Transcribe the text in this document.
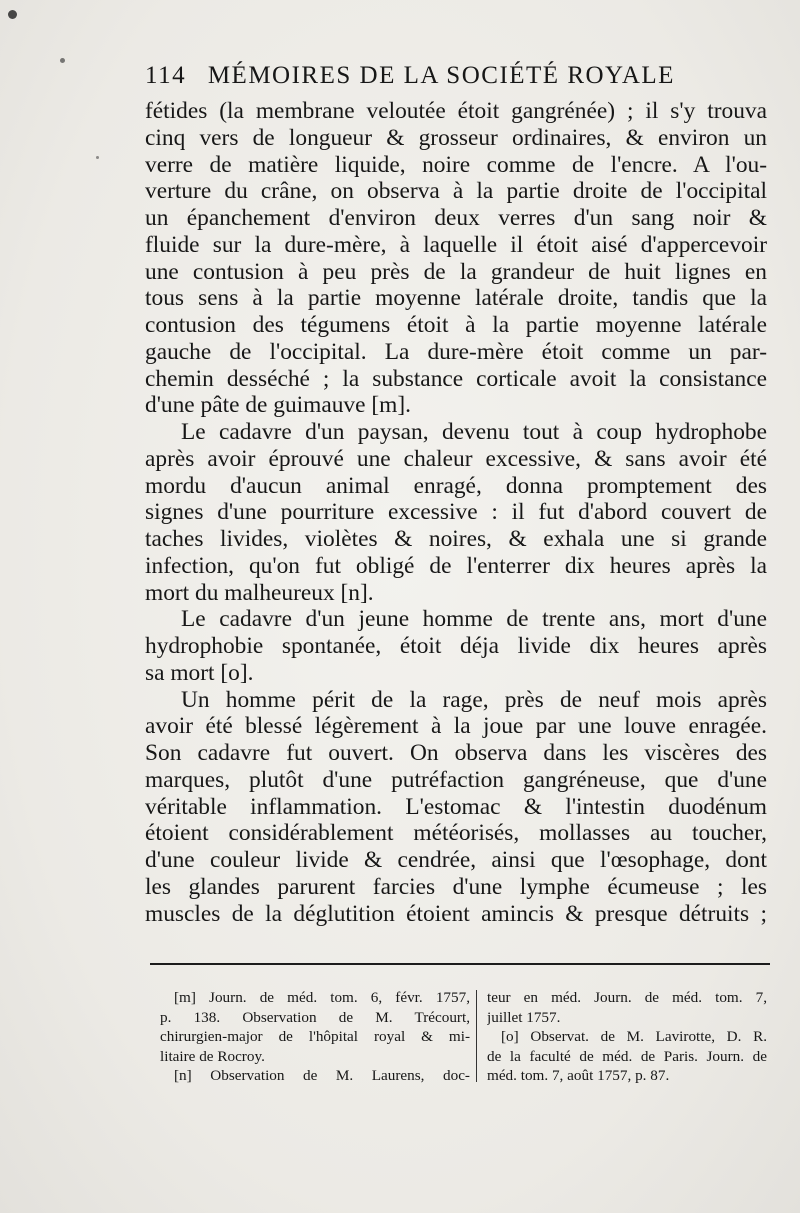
114 MÉMOIRES DE LA SOCIÉTÉ ROYALE
fétides (la membrane veloutée étoit gangrénée) ; il s'y trouva
cinq vers de longueur & grosseur ordinaires, & environ un
verre de matière liquide, noire comme de l'encre. A l'ou-
verture du crâne, on observa à la partie droite de l'occipital
un épanchement d'environ deux verres d'un sang noir &
fluide sur la dure-mère, à laquelle il étoit aisé d'appercevoir
une contusion à peu près de la grandeur de huit lignes en
tous sens à la partie moyenne latérale droite, tandis que la
contusion des tégumens étoit à la partie moyenne latérale
gauche de l'occipital. La dure-mère étoit comme un par-
chemin desséché ; la substance corticale avoit la consistance
d'une pâte de guimauve [m].
Le cadavre d'un paysan, devenu tout à coup hydrophobe
après avoir éprouvé une chaleur excessive, & sans avoir été
mordu d'aucun animal enragé, donna promptement des
signes d'une pourriture excessive : il fut d'abord couvert de
taches livides, violètes & noires, & exhala une si grande
infection, qu'on fut obligé de l'enterrer dix heures après la
mort du malheureux [n].
Le cadavre d'un jeune homme de trente ans, mort d'une
hydrophobie spontanée, étoit déja livide dix heures après
sa mort [o].
Un homme périt de la rage, près de neuf mois après
avoir été blessé légèrement à la joue par une louve enragée.
Son cadavre fut ouvert. On observa dans les viscères des
marques, plutôt d'une putréfaction gangréneuse, que d'une
véritable inflammation. L'estomac & l'intestin duodénum
étoient considérablement météorisés, mollasses au toucher,
d'une couleur livide & cendrée, ainsi que l'œsophage, dont
les glandes parurent farcies d'une lymphe écumeuse ; les
muscles de la déglutition étoient amincis & presque détruits ;
[m] Journ. de méd. tom. 6, févr. 1757,
p. 138. Observation de M. Trécourt,
chirurgien-major de l'hôpital royal & mi-
litaire de Rocroy.
[n] Observation de M. Laurens, doc-
teur en méd. Journ. de méd. tom. 7,
juillet 1757.
[o] Observat. de M. Lavirotte, D. R.
de la faculté de méd. de Paris. Journ. de
méd. tom. 7, août 1757, p. 87.
